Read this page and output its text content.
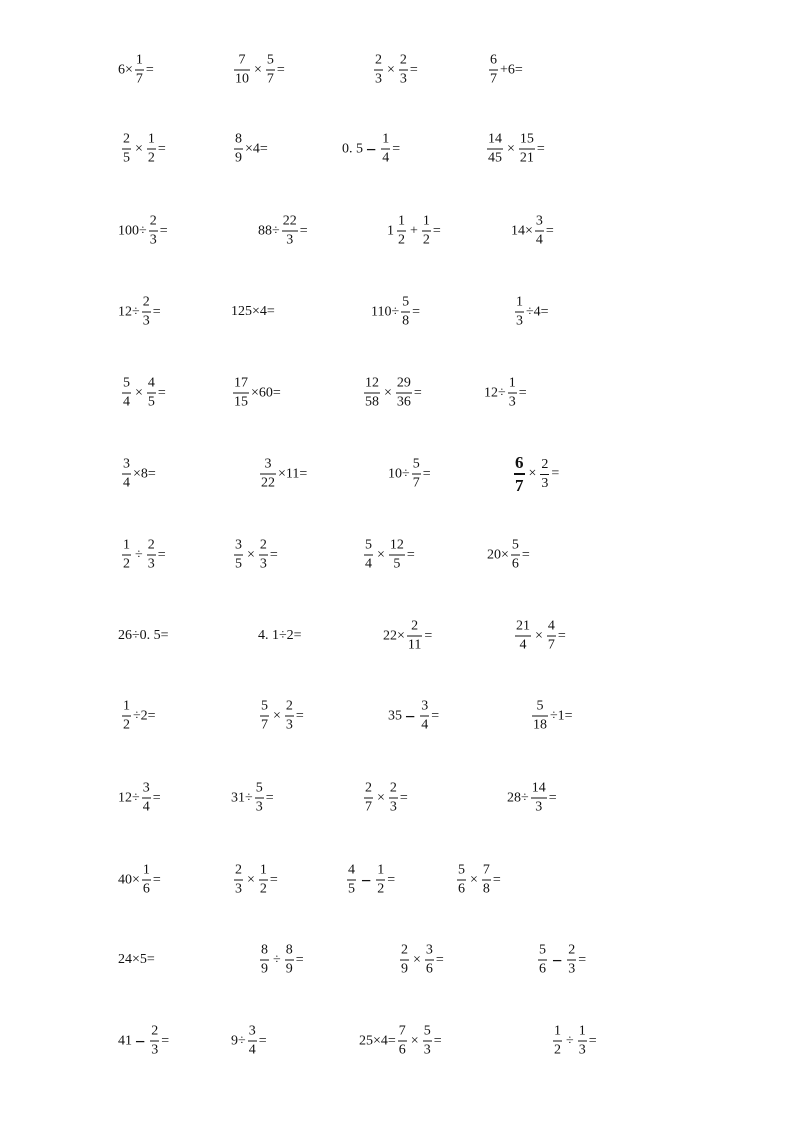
$6\times \frac{1}{7}$ =	$\frac{7}{10} \times \frac{5}{7}$ =	$\frac{2}{3} \times \frac{2}{3}$ =	$\frac{6}{7} +6=$
$\frac{2}{5} \times \frac{1}{2}$ =	$\frac{8}{9} \times 4=$	0. $5 - \frac{1}{4}$ =	$\frac{14}{45} \times \frac{15}{21}$ =
$100\div \frac{2}{3}$ =	$88\div \frac{22}{3}$ =	$1 \frac{1}{2} + \frac{1}{2}$ =	$14\times \frac{3}{4}$ =
$12\div \frac{2}{3}$ =	125×4=	$110\div \frac{5}{8}$ =	$\frac{1}{3} \div 4=$
$\frac{5}{4} \times \frac{4}{5}$ =	$\frac{17}{15} \times 60=$	$\frac{12}{58} \times \frac{29}{36}$ =	$12\div \frac{1}{3}$ =
$\frac{3}{4} \times 8=$	$\frac{3}{22} \times 11=$	$10\div \frac{5}{7}$ =	$\frac{6}{7} \times \frac{2}{3}$ =
$\frac{1}{2} \div \frac{2}{3}$ =	$\frac{3}{5} \times \frac{2}{3}$ =	$\frac{5}{4} \times \frac{12}{5}$ =	$20\times \frac{5}{6}$ =
26÷0. 5=	4. 1÷2=	$22\times \frac{2}{11}$ =	$\frac{21}{4} \times \frac{4}{7}$ =
$\frac{1}{2} \div 2=$	$\frac{5}{7} \times \frac{2}{3}$ =	$35 - \frac{3}{4}$ =	$\frac{5}{18} \div 1=$
$12\div \frac{3}{4}$ =	$31\div \frac{5}{3}$ =	$\frac{2}{7} \times \frac{2}{3}$ =	$28\div \frac{14}{3}$ =
$40\times \frac{1}{6}$ =	$\frac{2}{3} \times \frac{1}{2}$ =	$\frac{4}{5} - \frac{1}{2}$ =	$\frac{5}{6} \times \frac{7}{8}$ =
24×5=	$\frac{8}{9} \div \frac{8}{9}$ =	$\frac{2}{9} \times \frac{3}{6}$ =	$\frac{5}{6} - \frac{2}{3}$ =
$41 - \frac{2}{3}$ =	$9\div \frac{3}{4}$ =	$25\times 4= \frac{7}{6} \times \frac{5}{3}$ =	$\frac{1}{2} \div \frac{1}{3}$ =
